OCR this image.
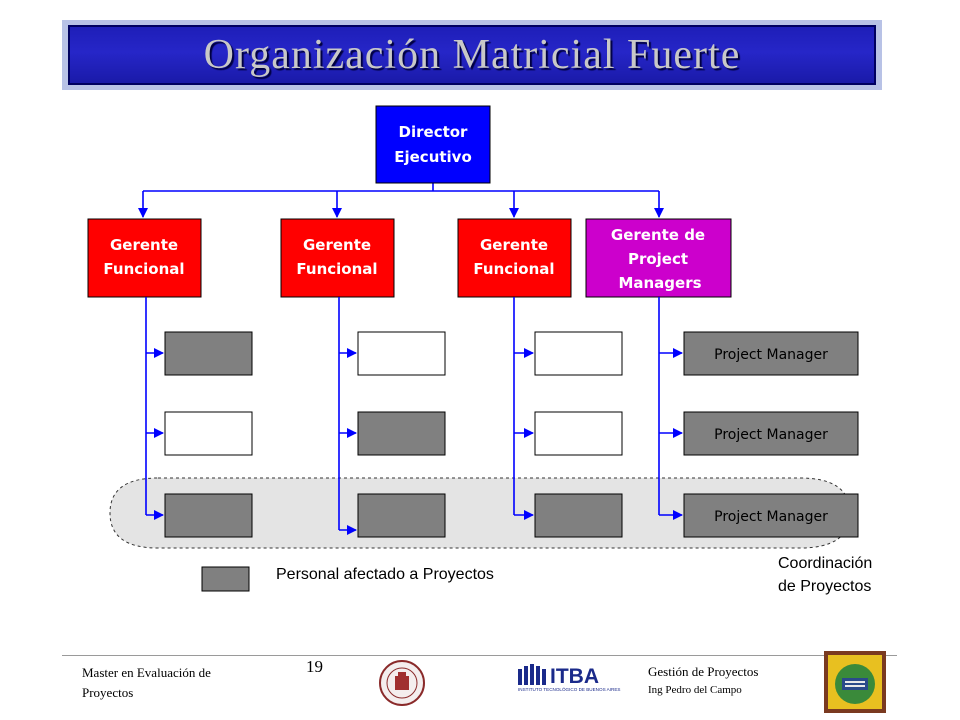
Organización Matricial Fuerte
Director
Ejecutivo
Gerente
Funcional
Gerente
Funcional
Gerente
Funcional
Gerente de
Project
Managers
Project Manager
Project Manager
Project Manager
Personal afectado a Proyectos
Coordinación
de Proyectos
Master en Evaluación de
Proyectos
19	ITBA
INSTITUTO TECNOLÓGICO DE BUENOS AIRES
Gestión de Proyectos
Ing Pedro del Campo
